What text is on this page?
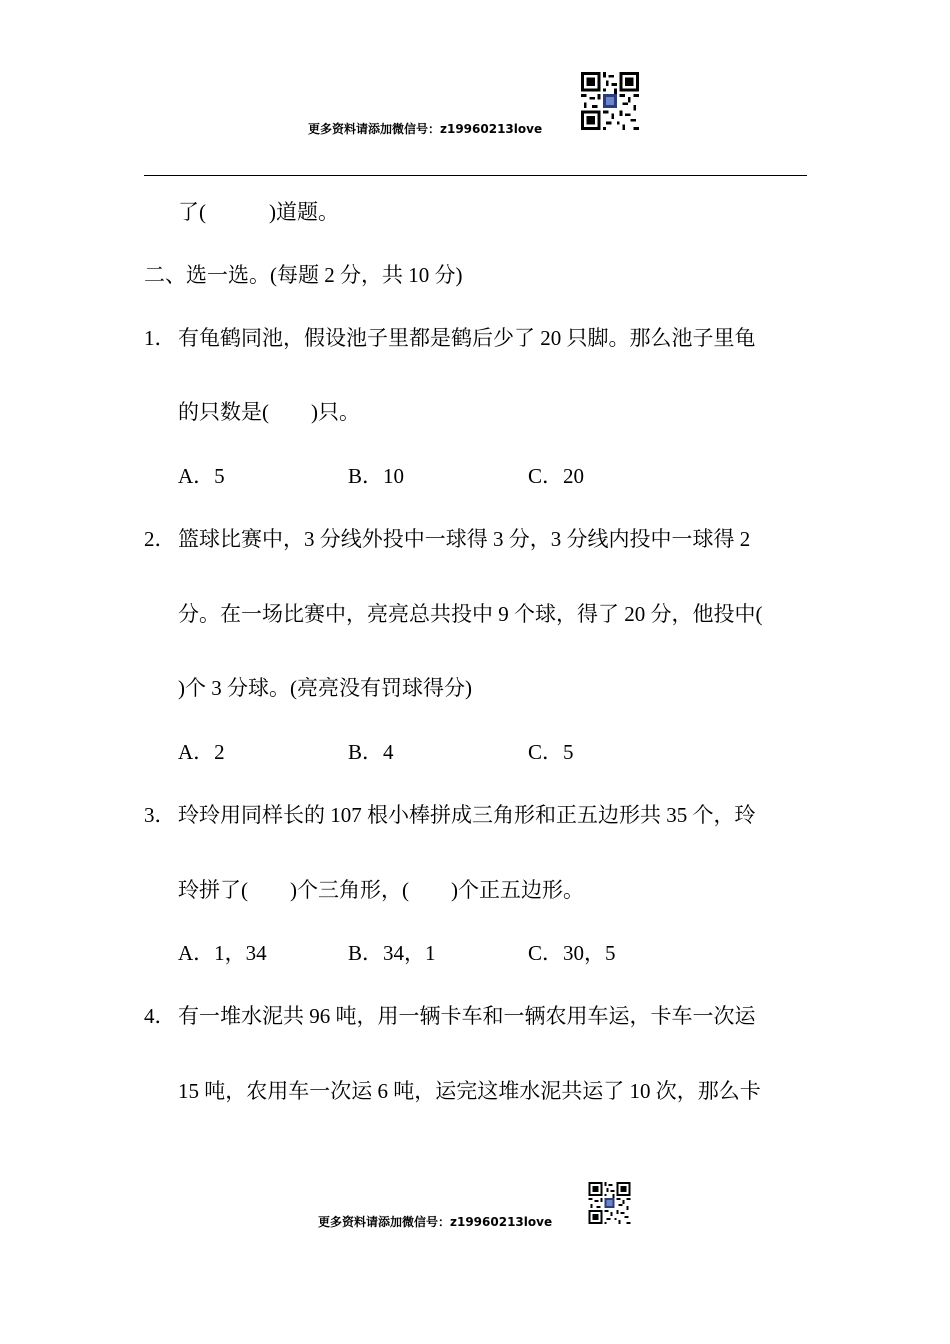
更多资料请添加微信号：z19960213love
了(　　　)道题。
二、选一选。(每题 2 分，共 10 分)
1． 有龟鹤同池，假设池子里都是鹤后少了 20 只脚。那么池子里龟
的只数是(　　)只。
A．5	B．10	C．20
2． 篮球比赛中，3 分线外投中一球得 3 分，3 分线内投中一球得 2
分。在一场比赛中，亮亮总共投中 9 个球，得了 20 分，他投中(
)个 3 分球。(亮亮没有罚球得分)
A．2	B．4	C．5
3． 玲玲用同样长的 107 根小棒拼成三角形和正五边形共 35 个，玲
玲拼了(　　)个三角形，(　　)个正五边形。
A．1，34	B．34，1	C．30，5
4． 有一堆水泥共 96 吨，用一辆卡车和一辆农用车运，卡车一次运
15 吨，农用车一次运 6 吨，运完这堆水泥共运了 10 次，那么卡
更多资料请添加微信号：z19960213love
